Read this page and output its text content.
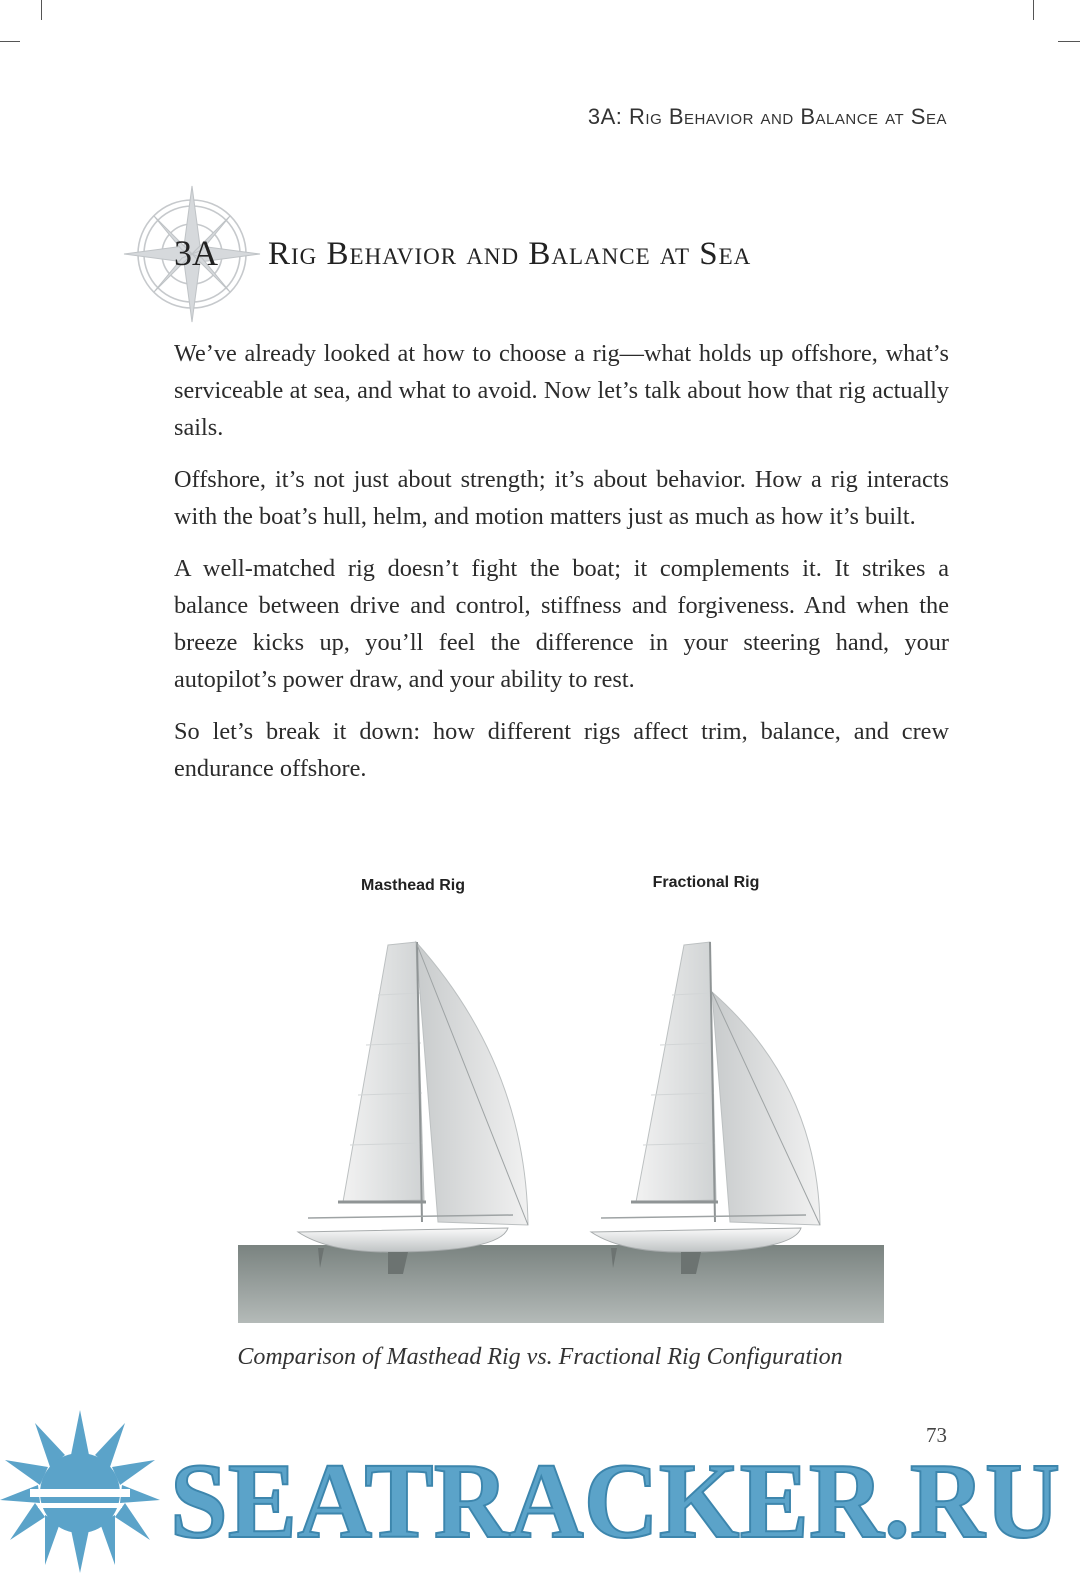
3A: Rig Behavior and Balance at Sea
3A Rig Behavior and Balance at Sea

We’ve already looked at how to choose a rig—what holds up offshore, what’s serviceable at sea, and what to avoid. Now let’s talk about how that rig actually sails.

Offshore, it’s not just about strength; it’s about behavior. How a rig interacts with the boat’s hull, helm, and motion matters just as much as how it’s built.

A well-matched rig doesn’t fight the boat; it complements it. It strikes a balance between drive and control, stiffness and forgiveness. And when the breeze kicks up, you’ll feel the difference in your steering hand, your autopilot’s power draw, and your ability to rest.

So let’s break it down: how different rigs affect trim, balance, and crew endurance offshore.

Masthead Rig	Fractional Rig
Comparison of Masthead Rig vs. Fractional Rig Configuration
73
SEATRACKER.RU
